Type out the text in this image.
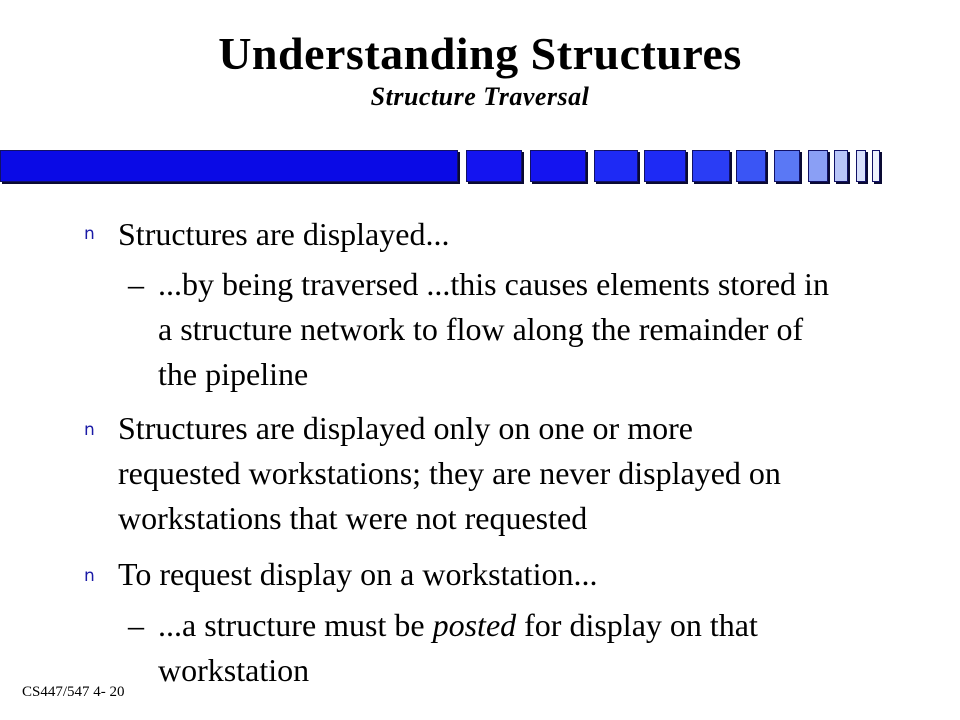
Understanding Structures
Structure Traversal
n Structures are displayed...
– ...by being traversed ...this causes elements stored in
a structure network to flow along the remainder of
the pipeline
n Structures are displayed only on one or more
requested workstations; they are never displayed on
workstations that were not requested
n To request display on a workstation...
– ...a structure must be posted for display on that
workstation
CS447/547 4- 20
